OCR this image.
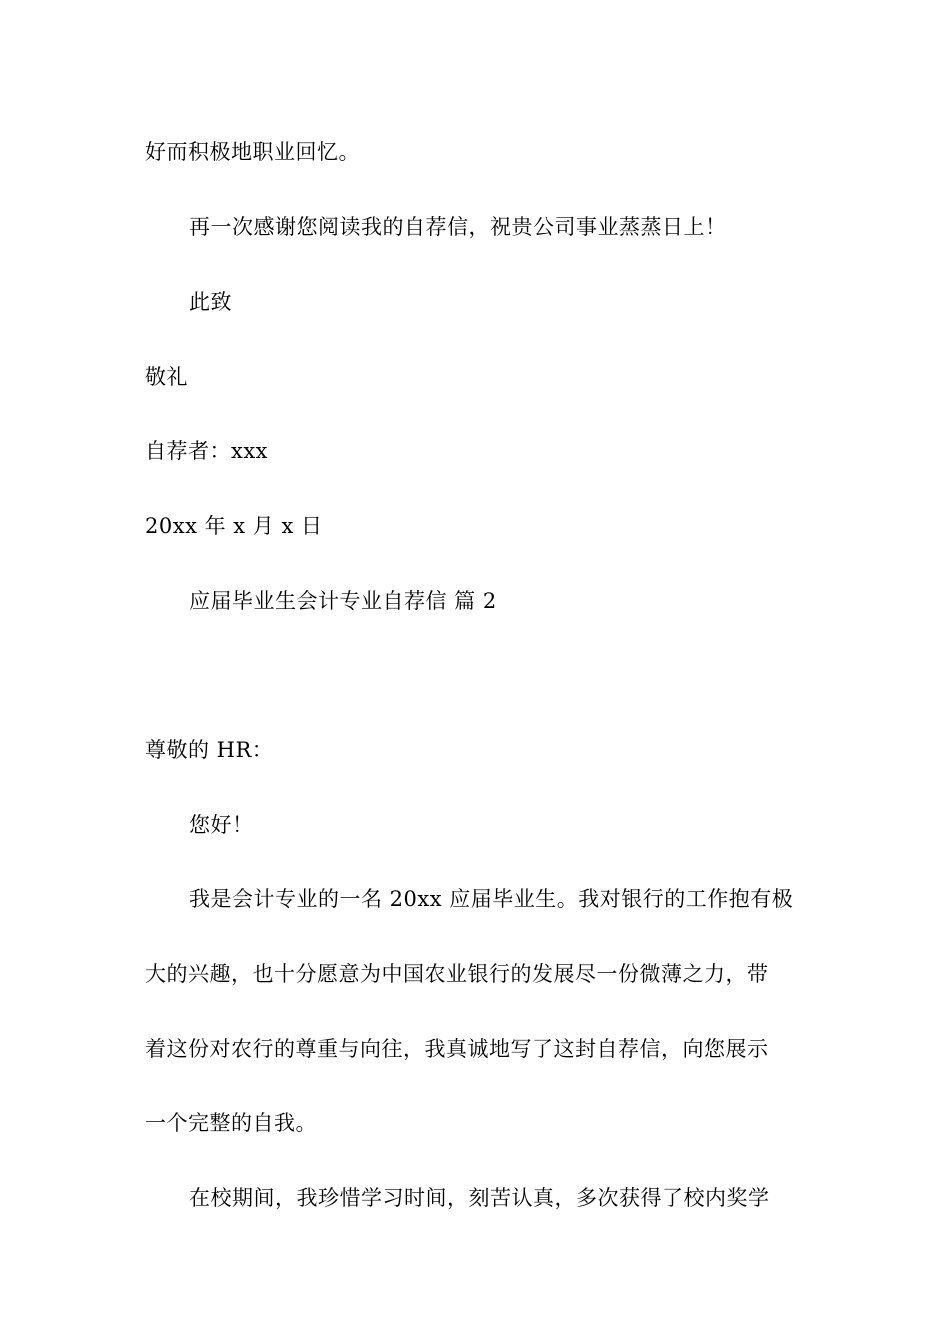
好而积极地职业回忆。
再一次感谢您阅读我的自荐信，祝贵公司事业蒸蒸日上！
此致
敬礼
自荐者：xxx
20xx 年 x 月 x 日
应届毕业生会计专业自荐信 篇 2
尊敬的 HR：
您好！
我是会计专业的一名 20xx 应届毕业生。我对银行的工作抱有极
大的兴趣，也十分愿意为中国农业银行的发展尽一份微薄之力，带
着这份对农行的尊重与向往，我真诚地写了这封自荐信，向您展示
一个完整的自我。
在校期间，我珍惜学习时间，刻苦认真，多次获得了校内奖学
